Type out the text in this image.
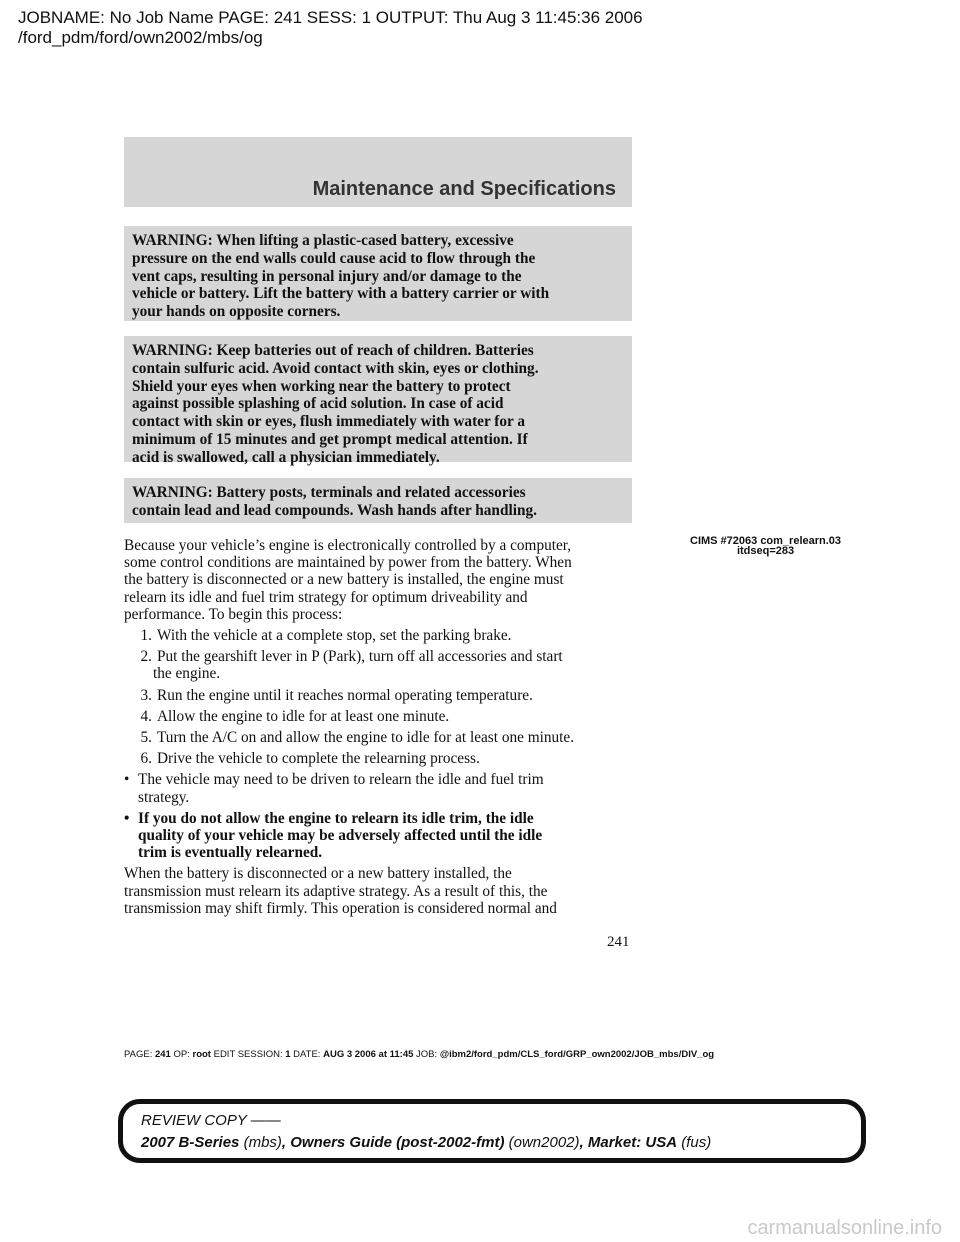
JOBNAME: No Job Name PAGE: 241 SESS: 1 OUTPUT: Thu Aug 3 11:45:36 2006
/ford_pdm/ford/own2002/mbs/og
Maintenance and Specifications
WARNING: When lifting a plastic-cased battery, excessive
pressure on the end walls could cause acid to flow through the
vent caps, resulting in personal injury and/or damage to the
vehicle or battery. Lift the battery with a battery carrier or with
your hands on opposite corners.
WARNING: Keep batteries out of reach of children. Batteries
contain sulfuric acid. Avoid contact with skin, eyes or clothing.
Shield your eyes when working near the battery to protect
against possible splashing of acid solution. In case of acid
contact with skin or eyes, flush immediately with water for a
minimum of 15 minutes and get prompt medical attention. If
acid is swallowed, call a physician immediately.
WARNING: Battery posts, terminals and related accessories
contain lead and lead compounds. Wash hands after handling.
CIMS #72063 com_relearn.03
itdseq=283
Because your vehicle’s engine is electronically controlled by a computer,
some control conditions are maintained by power from the battery. When
the battery is disconnected or a new battery is installed, the engine must
relearn its idle and fuel trim strategy for optimum driveability and
performance. To begin this process:
1. With the vehicle at a complete stop, set the parking brake.
2. Put the gearshift lever in P (Park), turn off all accessories and start
the engine.
3. Run the engine until it reaches normal operating temperature.
4. Allow the engine to idle for at least one minute.
5. Turn the A/C on and allow the engine to idle for at least one minute.
6. Drive the vehicle to complete the relearning process.
• The vehicle may need to be driven to relearn the idle and fuel trim
strategy.
• If you do not allow the engine to relearn its idle trim, the idle
quality of your vehicle may be adversely affected until the idle
trim is eventually relearned.
When the battery is disconnected or a new battery installed, the
transmission must relearn its adaptive strategy. As a result of this, the
transmission may shift firmly. This operation is considered normal and
241
PAGE: 241 OP: root EDIT SESSION: 1 DATE: AUG 3 2006 at 11:45 JOB: @ibm2/ford_pdm/CLS_ford/GRP_own2002/JOB_mbs/DIV_og
REVIEW COPY ——
2007 B-Series (mbs), Owners Guide (post-2002-fmt) (own2002), Market: USA (fus)
carmanualsonline.info
